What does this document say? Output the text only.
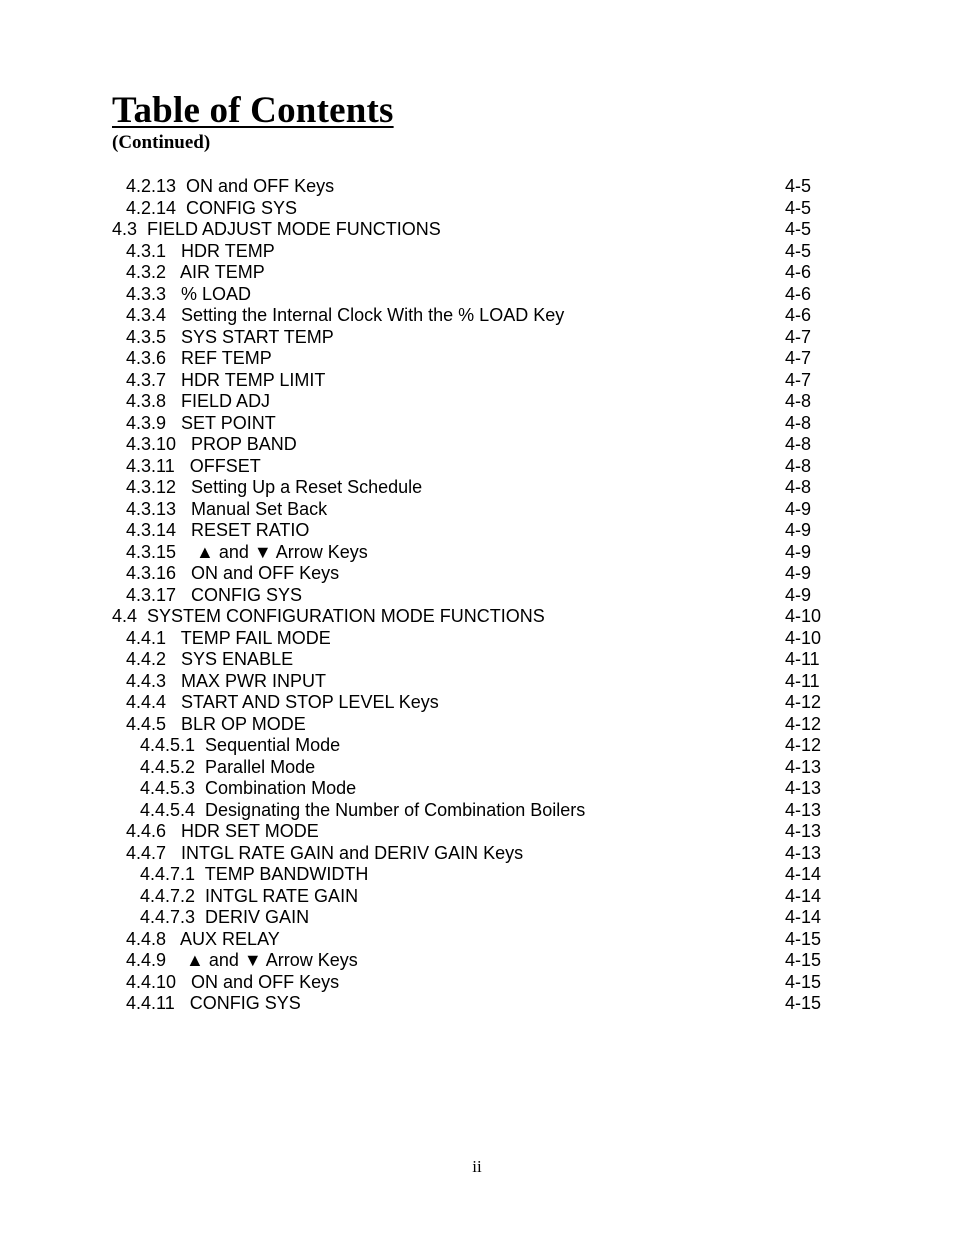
Table of Contents
(Continued)
4.2.13  ON and OFF Keys	4-5
4.2.14  CONFIG SYS	4-5
4.3  FIELD ADJUST MODE FUNCTIONS	4-5
4.3.1   HDR TEMP	4-5
4.3.2   AIR TEMP	4-6
4.3.3   % LOAD	4-6
4.3.4   Setting the Internal Clock With the % LOAD Key	4-6
4.3.5   SYS START TEMP	4-7
4.3.6   REF TEMP	4-7
4.3.7   HDR TEMP LIMIT	4-7
4.3.8   FIELD ADJ	4-8
4.3.9   SET POINT	4-8
4.3.10   PROP BAND	4-8
4.3.11   OFFSET	4-8
4.3.12   Setting Up a Reset Schedule	4-8
4.3.13   Manual Set Back	4-9
4.3.14   RESET RATIO	4-9
4.3.15    ▲ and ▼ Arrow Keys	4-9
4.3.16   ON and OFF Keys	4-9
4.3.17   CONFIG SYS	4-9
4.4  SYSTEM CONFIGURATION MODE FUNCTIONS	4-10
4.4.1   TEMP FAIL MODE	4-10
4.4.2   SYS ENABLE	4-11
4.4.3   MAX PWR INPUT	4-11
4.4.4   START AND STOP LEVEL Keys	4-12
4.4.5   BLR OP MODE	4-12
4.4.5.1  Sequential Mode	4-12
4.4.5.2  Parallel Mode	4-13
4.4.5.3  Combination Mode	4-13
4.4.5.4  Designating the Number of Combination Boilers	4-13
4.4.6   HDR SET MODE	4-13
4.4.7   INTGL RATE GAIN and DERIV GAIN Keys	4-13
4.4.7.1  TEMP BANDWIDTH	4-14
4.4.7.2  INTGL RATE GAIN	4-14
4.4.7.3  DERIV GAIN	4-14
4.4.8   AUX RELAY	4-15
4.4.9    ▲ and ▼ Arrow Keys	4-15
4.4.10   ON and OFF Keys	4-15
4.4.11   CONFIG SYS	4-15
ii
